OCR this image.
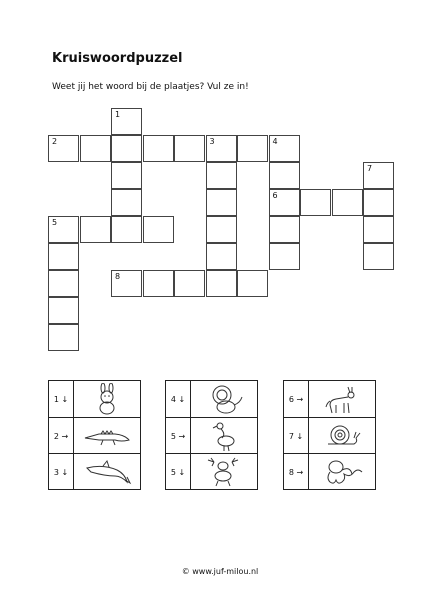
Kruiswoordpuzzel
Weet jij het woord bij de plaatjes? Vul ze in!
1
2	3	4
7
6
5
8
1 ↓
2 →
3 ↓
4 ↓
5 →
5 ↓
6 →
7 ↓
8 →
© www.juf-milou.nl
